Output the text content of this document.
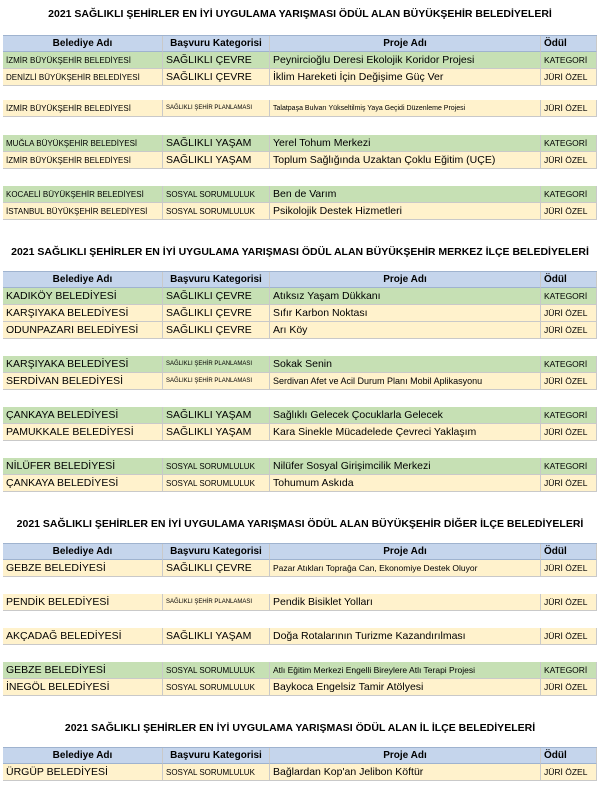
2021 SAĞLIKLI ŞEHİRLER EN İYİ UYGULAMA YARIŞMASI ÖDÜL ALAN BÜYÜKŞEHİR BELEDİYELERİ
Belediye Adı	Başvuru Kategorisi	Proje Adı	Ödül
İZMİR BÜYÜKŞEHİR BELEDİYESİ	SAĞLIKLI ÇEVRE	Peynircioğlu Deresi Ekolojik Koridor Projesi	KATEGORİ
DENİZLİ BÜYÜKŞEHİR BELEDİYESİ	SAĞLIKLI ÇEVRE	İklim Hareketi İçin Değişime Güç Ver	JÜRİ ÖZEL
İZMİR BÜYÜKŞEHİR BELEDİYESİ	SAĞLIKLI ŞEHİR PLANLAMASI	Talatpaşa Bulvarı Yükseltilmiş Yaya Geçidi Düzenleme Projesi	JÜRİ ÖZEL
MUĞLA BÜYÜKŞEHİR BELEDİYESİ	SAĞLIKLI YAŞAM	Yerel Tohum Merkezi	KATEGORİ
İZMİR BÜYÜKŞEHİR BELEDİYESİ	SAĞLIKLI YAŞAM	Toplum Sağlığında Uzaktan Çoklu Eğitim (UÇE)	JÜRİ ÖZEL
KOCAELİ BÜYÜKŞEHİR BELEDİYESİ	SOSYAL SORUMLULUK	Ben de Varım	KATEGORİ
İSTANBUL BÜYÜKŞEHİR BELEDİYESİ	SOSYAL SORUMLULUK	Psikolojik Destek Hizmetleri	JÜRİ ÖZEL
2021 SAĞLIKLI ŞEHİRLER EN İYİ UYGULAMA YARIŞMASI ÖDÜL ALAN BÜYÜKŞEHİR MERKEZ İLÇE BELEDİYELERİ
Belediye Adı	Başvuru Kategorisi	Proje Adı	Ödül
KADIKÖY BELEDİYESİ	SAĞLIKLI ÇEVRE	Atıksız Yaşam Dükkanı	KATEGORİ
KARŞIYAKA BELEDİYESİ	SAĞLIKLI ÇEVRE	Sıfır Karbon Noktası	JÜRİ ÖZEL
ODUNPAZARI BELEDİYESİ	SAĞLIKLI ÇEVRE	Arı Köy	JÜRİ ÖZEL
KARŞIYAKA BELEDİYESİ	SAĞLIKLI ŞEHİR PLANLAMASI	Sokak Senin	KATEGORİ
SERDİVAN BELEDİYESİ	SAĞLIKLI ŞEHİR PLANLAMASI	Serdivan Afet ve Acil Durum Planı Mobil Aplikasyonu	JÜRİ ÖZEL
ÇANKAYA BELEDİYESİ	SAĞLIKLI YAŞAM	Sağlıklı Gelecek Çocuklarla Gelecek	KATEGORİ
PAMUKKALE BELEDİYESİ	SAĞLIKLI YAŞAM	Kara Sinekle Mücadelede Çevreci Yaklaşım	JÜRİ ÖZEL
NİLÜFER BELEDİYESİ	SOSYAL SORUMLULUK	Nilüfer Sosyal Girişimcilik Merkezi	KATEGORİ
ÇANKAYA BELEDİYESİ	SOSYAL SORUMLULUK	Tohumum Askıda	JÜRİ ÖZEL
2021 SAĞLIKLI ŞEHİRLER EN İYİ UYGULAMA YARIŞMASI ÖDÜL ALAN BÜYÜKŞEHİR DİĞER İLÇE BELEDİYELERİ
Belediye Adı	Başvuru Kategorisi	Proje Adı	Ödül
GEBZE BELEDİYESİ	SAĞLIKLI ÇEVRE	Pazar Atıkları Toprağa Can, Ekonomiye Destek Oluyor	JÜRİ ÖZEL
PENDİK BELEDİYESİ	SAĞLIKLI ŞEHİR PLANLAMASI	Pendik Bisiklet Yolları	JÜRİ ÖZEL
AKÇADAĞ BELEDİYESİ	SAĞLIKLI YAŞAM	Doğa Rotalarının Turizme Kazandırılması	JÜRİ ÖZEL
GEBZE BELEDİYESİ	SOSYAL SORUMLULUK	Atlı Eğitim Merkezi Engelli Bireylere Atlı Terapi Projesi	KATEGORİ
İNEGÖL BELEDİYESİ	SOSYAL SORUMLULUK	Baykoca Engelsiz Tamir Atölyesi	JÜRİ ÖZEL
2021 SAĞLIKLI ŞEHİRLER EN İYİ UYGULAMA YARIŞMASI ÖDÜL ALAN İL İLÇE BELEDİYELERİ
Belediye Adı	Başvuru Kategorisi	Proje Adı	Ödül
ÜRGÜP BELEDİYESİ	SOSYAL SORUMLULUK	Bağlardan Kop'an Jelibon Köftür	JÜRİ ÖZEL
